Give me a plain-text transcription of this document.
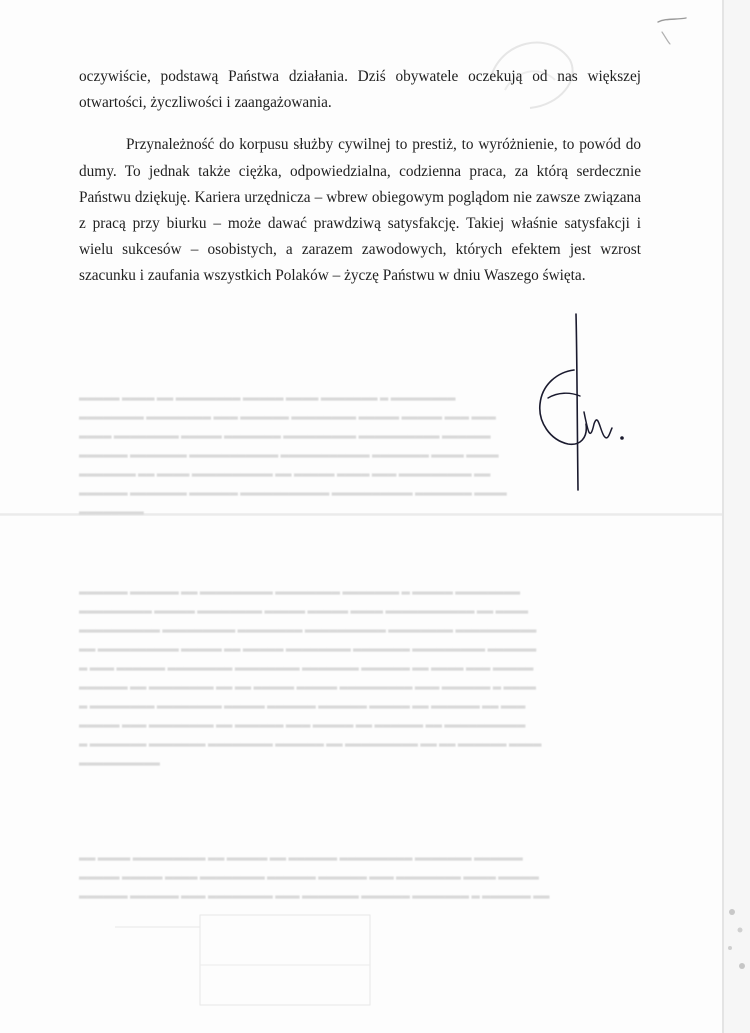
▂▂▂▂▂ ▂▂▂▂ ▂▂ ▂▂▂▂▂▂▂▂ ▂▂▂▂▂ ▂▂▂▂ ▂▂▂▂▂▂▂ ▂ ▂▂▂▂▂▂▂▂
▂▂▂▂▂▂▂▂ ▂▂▂▂▂▂▂▂ ▂▂▂ ▂▂▂▂▂▂ ▂▂▂▂▂▂▂▂ ▂▂▂▂▂ ▂▂▂▂▂ ▂▂▂ ▂▂▂
▂▂▂▂ ▂▂▂▂▂▂▂▂ ▂▂▂▂▂ ▂▂▂▂▂▂▂ ▂▂▂▂▂▂▂▂▂ ▂▂▂▂▂▂▂▂▂▂ ▂▂▂▂▂▂
▂▂▂▂▂▂ ▂▂▂▂▂▂▂ ▂▂▂▂▂▂▂▂▂▂▂ ▂▂▂▂▂▂▂▂▂▂▂ ▂▂▂▂▂▂▂ ▂▂▂▂ ▂▂▂▂
▂▂▂▂▂▂▂ ▂▂ ▂▂▂▂ ▂▂▂▂▂▂▂▂▂▂ ▂▂ ▂▂▂▂▂ ▂▂▂▂ ▂▂▂ ▂▂▂▂▂▂▂▂▂ ▂▂
▂▂▂▂▂▂ ▂▂▂▂▂▂▂ ▂▂▂▂▂▂ ▂▂▂▂▂▂▂▂▂▂▂ ▂▂▂▂▂▂▂▂▂▂ ▂▂▂▂▂▂▂ ▂▂▂▂
▂▂▂▂▂▂▂▂
▂▂▂▂▂▂ ▂▂▂▂▂▂ ▂▂ ▂▂▂▂▂▂▂▂▂ ▂▂▂▂▂▂▂▂ ▂▂▂▂▂▂▂ ▂ ▂▂▂▂▂ ▂▂▂▂▂▂▂▂
▂▂▂▂▂▂▂▂▂ ▂▂▂▂▂ ▂▂▂▂▂▂▂▂ ▂▂▂▂▂ ▂▂▂▂▂ ▂▂▂▂ ▂▂▂▂▂▂▂▂▂▂▂ ▂▂ ▂▂▂▂
▂▂▂▂▂▂▂▂▂▂ ▂▂▂▂▂▂▂▂▂ ▂▂▂▂▂▂▂▂ ▂▂▂▂▂▂▂▂▂▂ ▂▂▂▂▂▂▂▂ ▂▂▂▂▂▂▂▂▂▂
▂▂ ▂▂▂▂▂▂▂▂▂▂ ▂▂▂▂▂ ▂▂ ▂▂▂▂▂ ▂▂▂▂▂▂▂▂ ▂▂▂▂▂▂▂ ▂▂▂▂▂▂▂▂▂ ▂▂▂▂▂▂
▂ ▂▂▂ ▂▂▂▂▂▂ ▂▂▂▂▂▂▂▂ ▂▂▂▂▂▂▂▂ ▂▂▂▂▂▂▂ ▂▂▂▂▂▂ ▂▂ ▂▂▂▂ ▂▂▂ ▂▂▂▂▂
▂▂▂▂▂▂ ▂▂ ▂▂▂▂▂▂▂▂ ▂▂ ▂▂ ▂▂▂▂▂ ▂▂▂▂▂ ▂▂▂▂▂▂▂▂▂ ▂▂▂ ▂▂▂▂▂▂ ▂ ▂▂▂▂
▂ ▂▂▂▂▂▂▂▂ ▂▂▂▂▂▂▂▂ ▂▂▂▂▂ ▂▂▂▂▂▂ ▂▂▂▂▂▂ ▂▂▂▂▂ ▂▂ ▂▂▂▂▂▂ ▂▂ ▂▂▂
▂▂▂▂▂ ▂▂▂ ▂▂▂▂▂▂▂▂ ▂▂ ▂▂▂▂▂▂ ▂▂▂ ▂▂▂▂▂ ▂▂ ▂▂▂▂▂▂ ▂▂ ▂▂▂▂▂▂▂▂▂▂
▂ ▂▂▂▂▂▂▂ ▂▂▂▂▂▂▂ ▂▂▂▂▂▂▂▂ ▂▂▂▂▂▂ ▂▂ ▂▂▂▂▂▂▂▂▂ ▂▂ ▂▂ ▂▂▂▂▂▂ ▂▂▂▂
▂▂▂▂▂▂▂▂▂▂
▂▂ ▂▂▂▂ ▂▂▂▂▂▂▂▂▂ ▂▂ ▂▂▂▂▂ ▂▂ ▂▂▂▂▂▂ ▂▂▂▂▂▂▂▂▂ ▂▂▂▂▂▂▂ ▂▂▂▂▂▂
▂▂▂▂▂ ▂▂▂▂▂ ▂▂▂▂ ▂▂▂▂▂▂▂▂ ▂▂▂▂▂▂ ▂▂▂▂▂▂ ▂▂▂ ▂▂▂▂▂▂▂▂ ▂▂▂▂ ▂▂▂▂▂
▂▂▂▂▂▂ ▂▂▂▂▂▂ ▂▂▂ ▂▂▂▂▂▂▂▂ ▂▂▂ ▂▂▂▂▂▂▂ ▂▂▂▂▂▂ ▂▂▂▂▂▂▂ ▂ ▂▂▂▂▂▂ ▂▂

oczywiście, podstawą Państwa działania. Dziś obywatele oczekują od nas większej otwartości, życzliwości i zaangażowania.

Przynależność do korpusu służby cywilnej to prestiż, to wyróżnienie, to powód do dumy. To jednak także ciężka, odpowiedzialna, codzienna praca, za którą serdecznie Państwu dziękuję. Kariera urzędnicza – wbrew obiegowym poglądom nie zawsze związana z pracą przy biurku – może dawać prawdziwą satysfakcję. Takiej właśnie satysfakcji i wielu sukcesów – osobistych, a zarazem zawodowych, których efektem jest wzrost szacunku i zaufania wszystkich Polaków – życzę Państwu w dniu Waszego święta.
